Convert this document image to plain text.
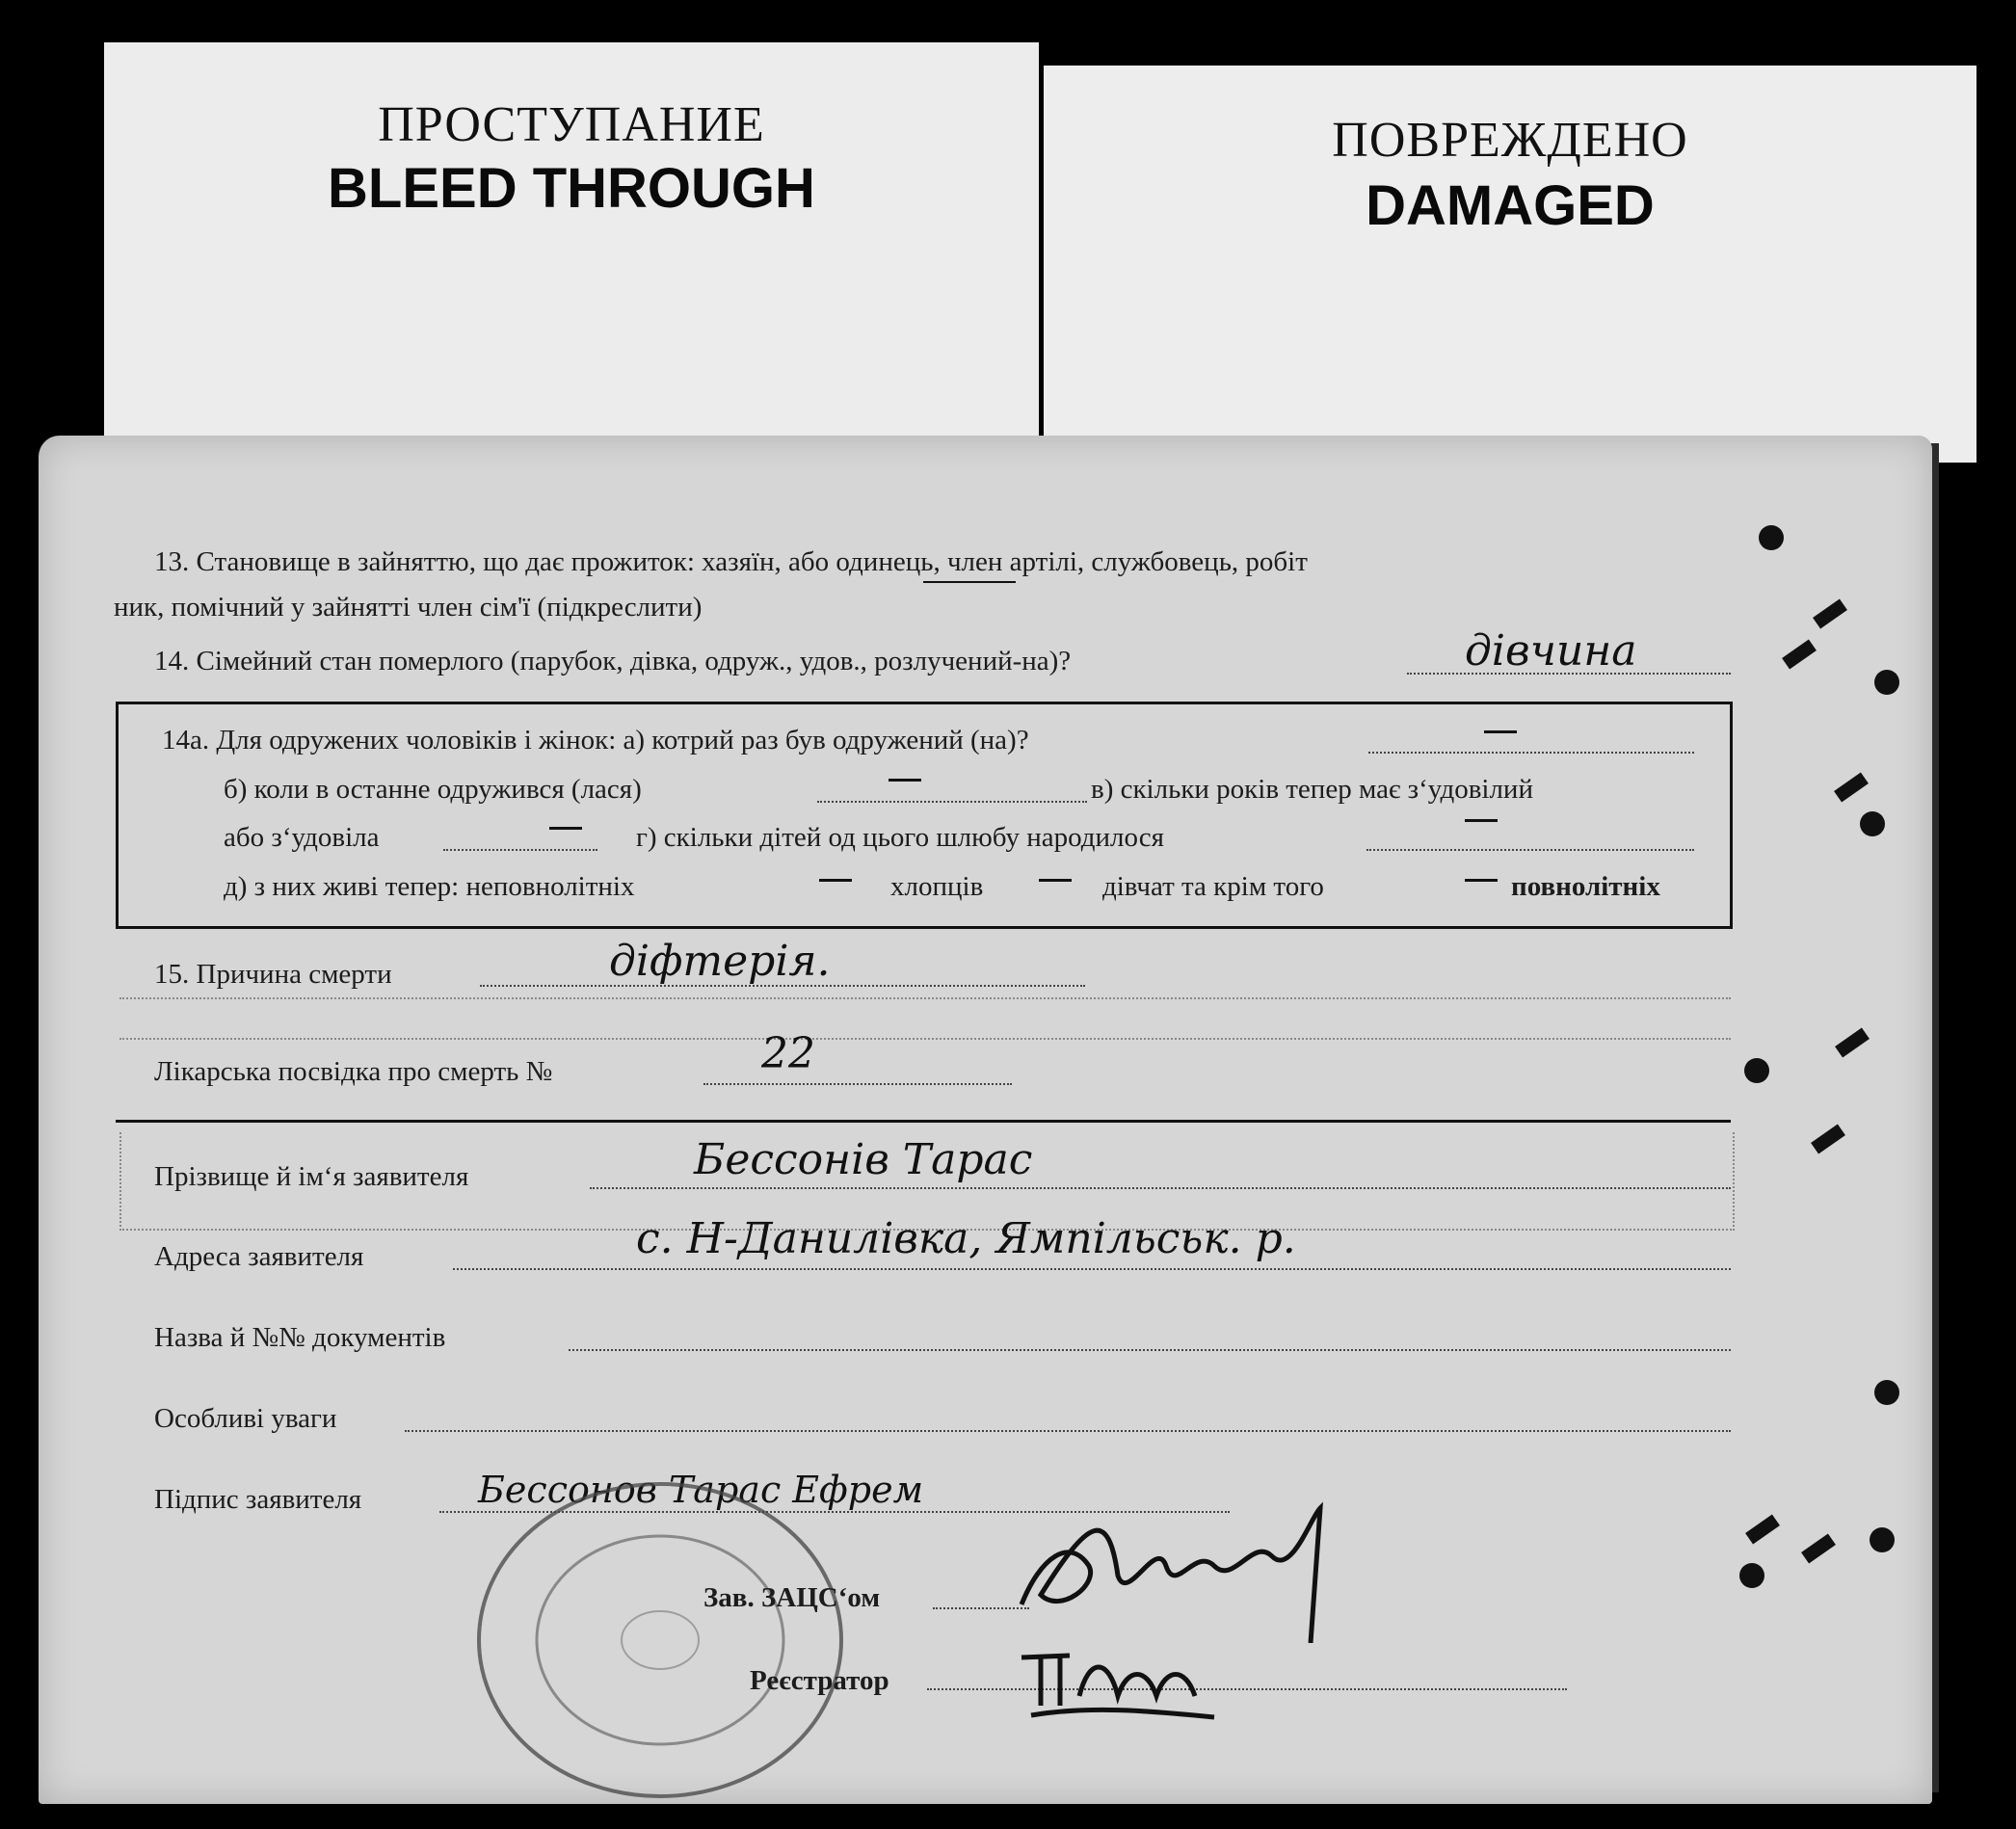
ПРОСТУПАНИЕ
BLEED THROUGH
ПОВРЕЖДЕНО
DAMAGED
13. Становище в зайняттю, що дає прожиток: хазяїн, або одинець, член артілі, службовець, робіт
ник, помічний у зайнятті член сім'ї (підкреслити)
14. Сімейний стан померлого (парубок, дівка, одруж., удов., розлучений-на)?	дівчина
14а. Для одружених чоловіків і жінок: а) котрий раз був одружений (на)?
б) коли в останне одружився (лася)	в) скільки років тепер має з‘удовілий
або з‘удовіла	г) скільки дітей од цього шлюбу народилося
д) з них живі тепер: неповнолітніх	хлопців	дівчат та крім того	повнолітніх
15. Причина смерти	діфтерія.
Лікарська посвідка про смерть №	22
Прізвище й ім‘я заявителя	Бессонів Тарас
Адреса заявителя	с. Н-Данилівка, Ямпільськ. р.
Назва й №№ документів
Особливі уваги
Підпис заявителя	Бессонов Тарас Ефрем
Зав. ЗАЦС‘ом
Реєстратор
